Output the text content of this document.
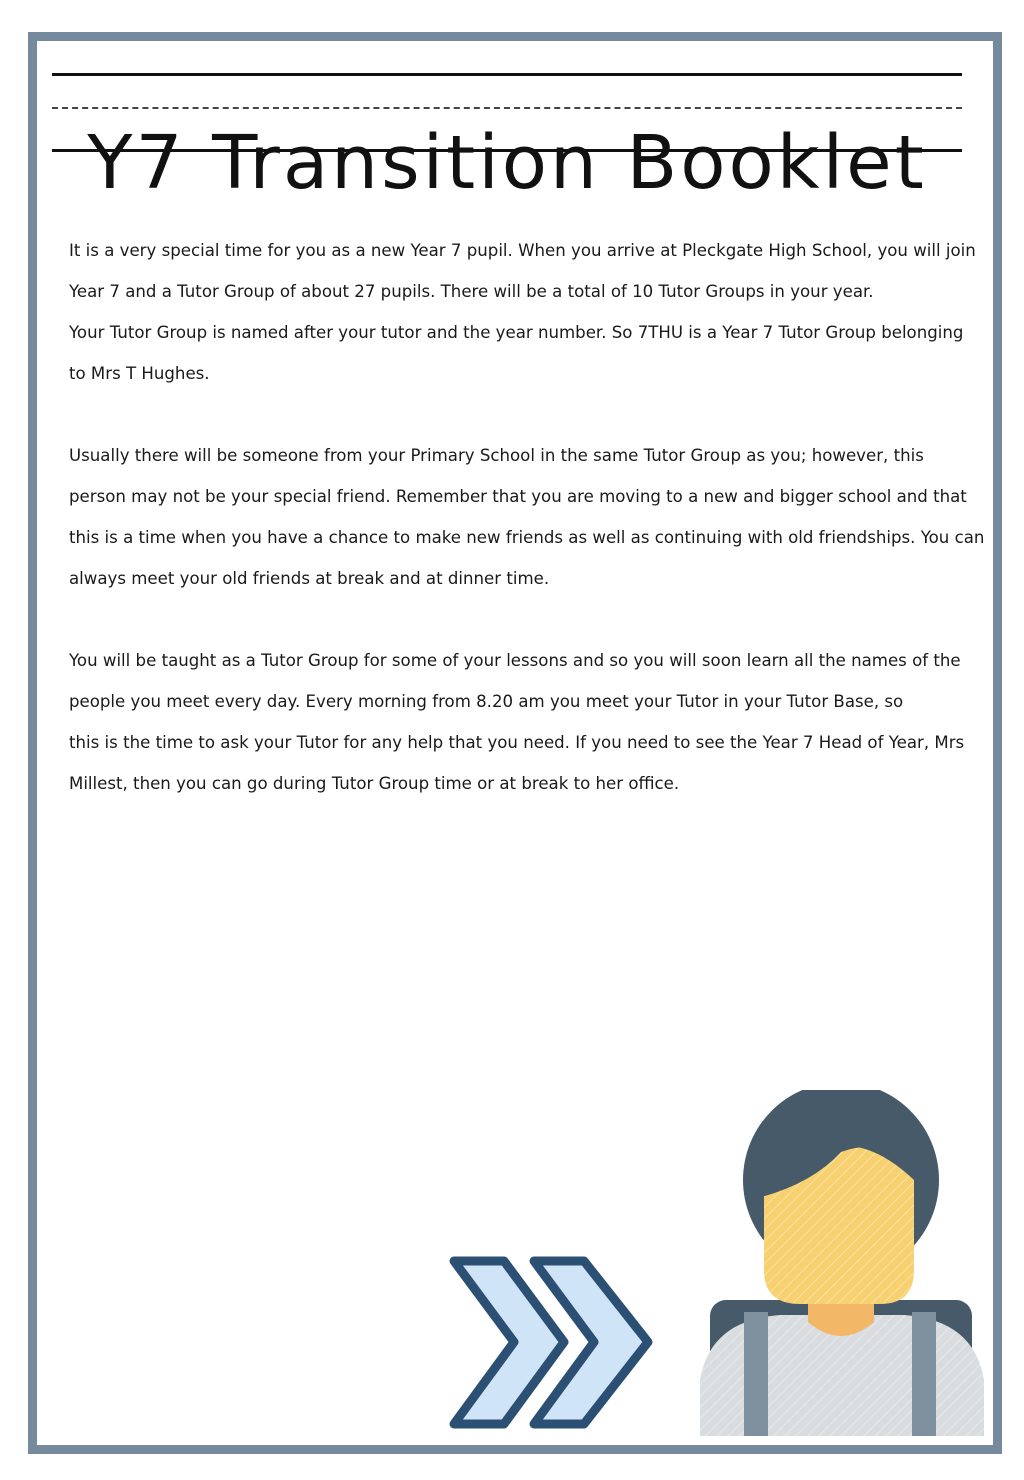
Y7 Transition Booklet

It is a very special time for you as a new Year 7 pupil. When you arrive at Pleckgate High School, you will join
Year 7 and a Tutor Group of about 27 pupils. There will be a total of 10 Tutor Groups in your year.
Your Tutor Group is named after your tutor and the year number. So 7THU is a Year 7 Tutor Group belonging
to Mrs T Hughes.

Usually there will be someone from your Primary School in the same Tutor Group as you; however, this
person may not be your special friend. Remember that you are moving to a new and bigger school and that
this is a time when you have a chance to make new friends as well as continuing with old friendships. You can
always meet your old friends at break and at dinner time.

You will be taught as a Tutor Group for some of your lessons and so you will soon learn all the names of the
people you meet every day. Every morning from 8.20 am you meet your Tutor in your Tutor Base, so
this is the time to ask your Tutor for any help that you need. If you need to see the Year 7 Head of Year, Mrs
Millest, then you can go during Tutor Group time or at break to her office.
